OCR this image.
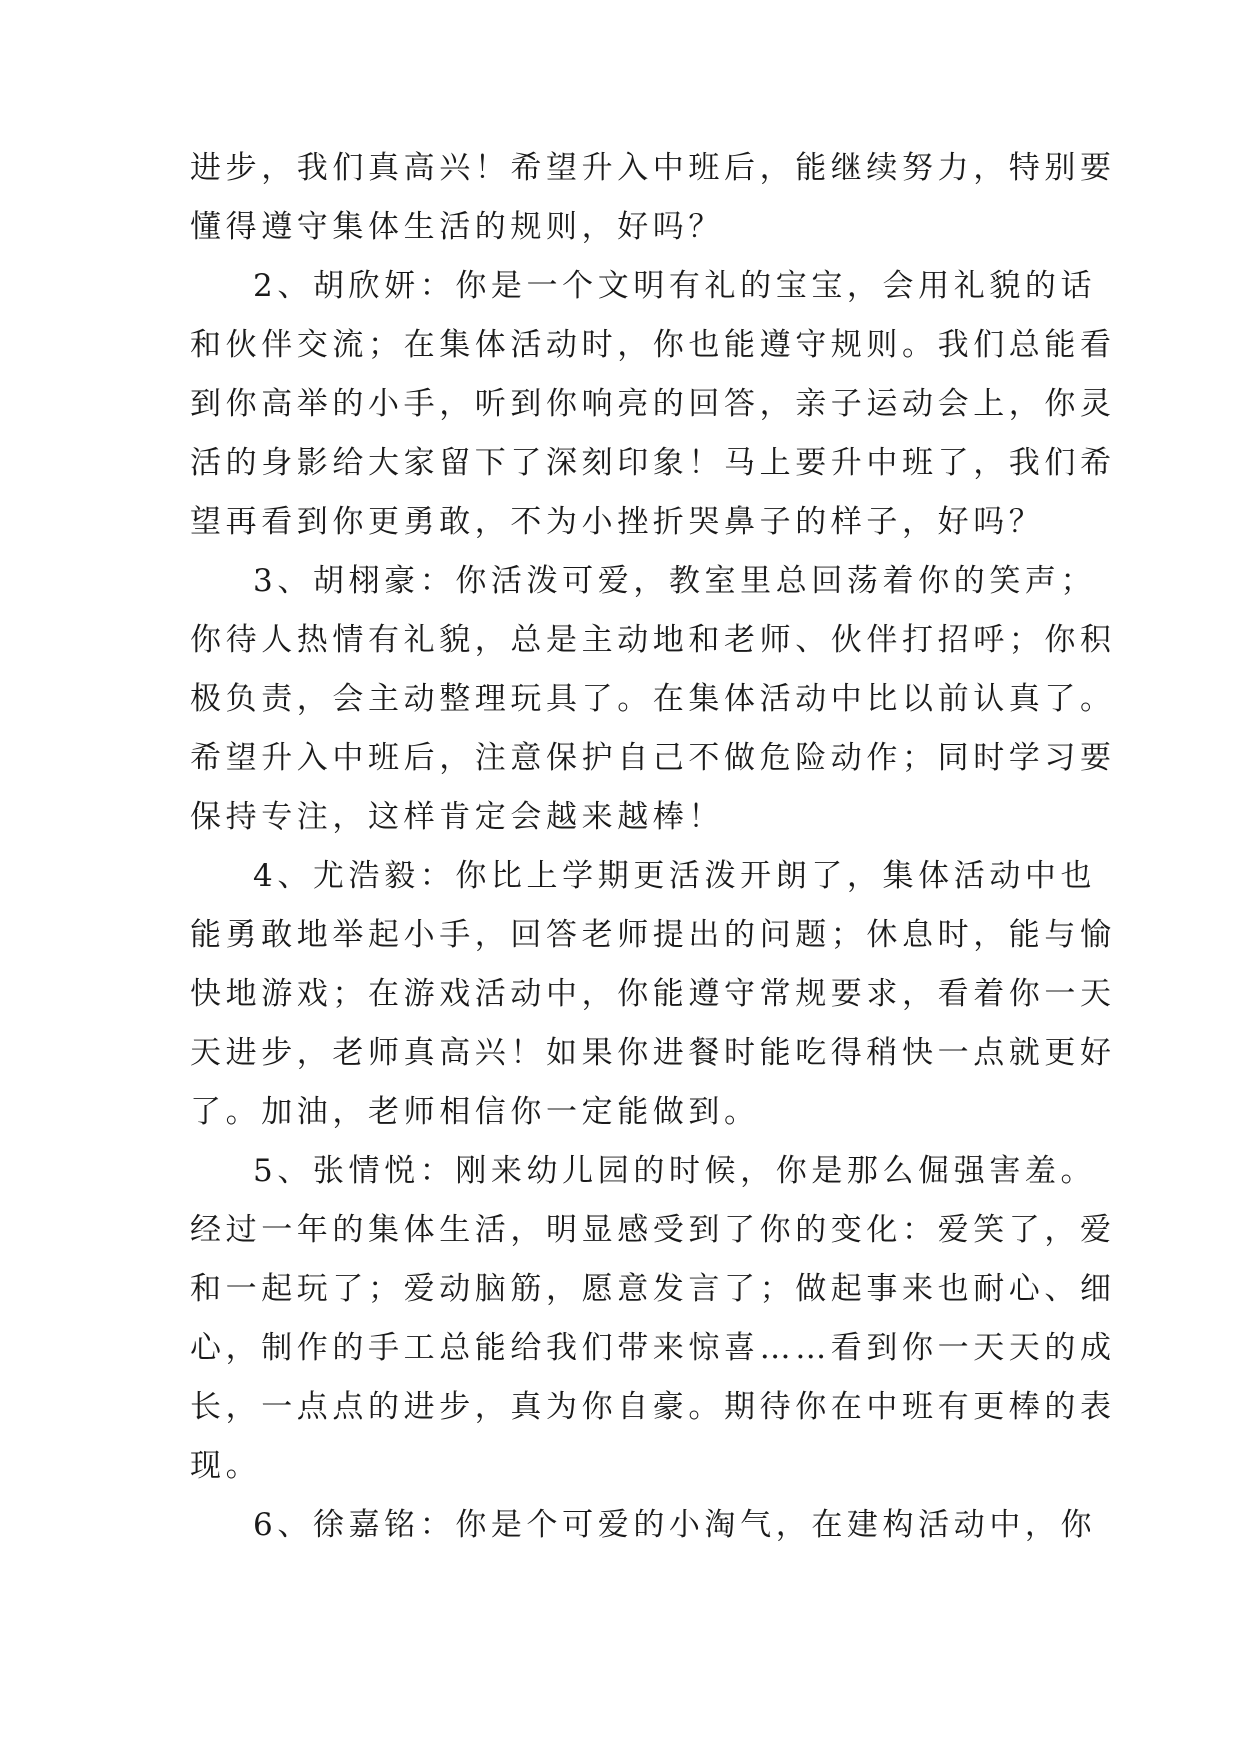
进步，我们真高兴！希望升入中班后，能继续努力，特别要
懂得遵守集体生活的规则，好吗？
2、胡欣妍：你是一个文明有礼的宝宝，会用礼貌的话
和伙伴交流；在集体活动时，你也能遵守规则。我们总能看
到你高举的小手，听到你响亮的回答，亲子运动会上，你灵
活的身影给大家留下了深刻印象！马上要升中班了，我们希
望再看到你更勇敢，不为小挫折哭鼻子的样子，好吗？
3、胡栩豪：你活泼可爱，教室里总回荡着你的笑声；
你待人热情有礼貌，总是主动地和老师、伙伴打招呼；你积
极负责，会主动整理玩具了。在集体活动中比以前认真了。
希望升入中班后，注意保护自己不做危险动作；同时学习要
保持专注，这样肯定会越来越棒！
4、尤浩毅：你比上学期更活泼开朗了，集体活动中也
能勇敢地举起小手，回答老师提出的问题；休息时，能与愉
快地游戏；在游戏活动中，你能遵守常规要求，看着你一天
天进步，老师真高兴！如果你进餐时能吃得稍快一点就更好
了。加油，老师相信你一定能做到。
5、张情悦：刚来幼儿园的时候，你是那么倔强害羞。
经过一年的集体生活，明显感受到了你的变化：爱笑了，爱
和一起玩了；爱动脑筋，愿意发言了；做起事来也耐心、细
心，制作的手工总能给我们带来惊喜……看到你一天天的成
长，一点点的进步，真为你自豪。期待你在中班有更棒的表
现。
6、徐嘉铭：你是个可爱的小淘气，在建构活动中，你
